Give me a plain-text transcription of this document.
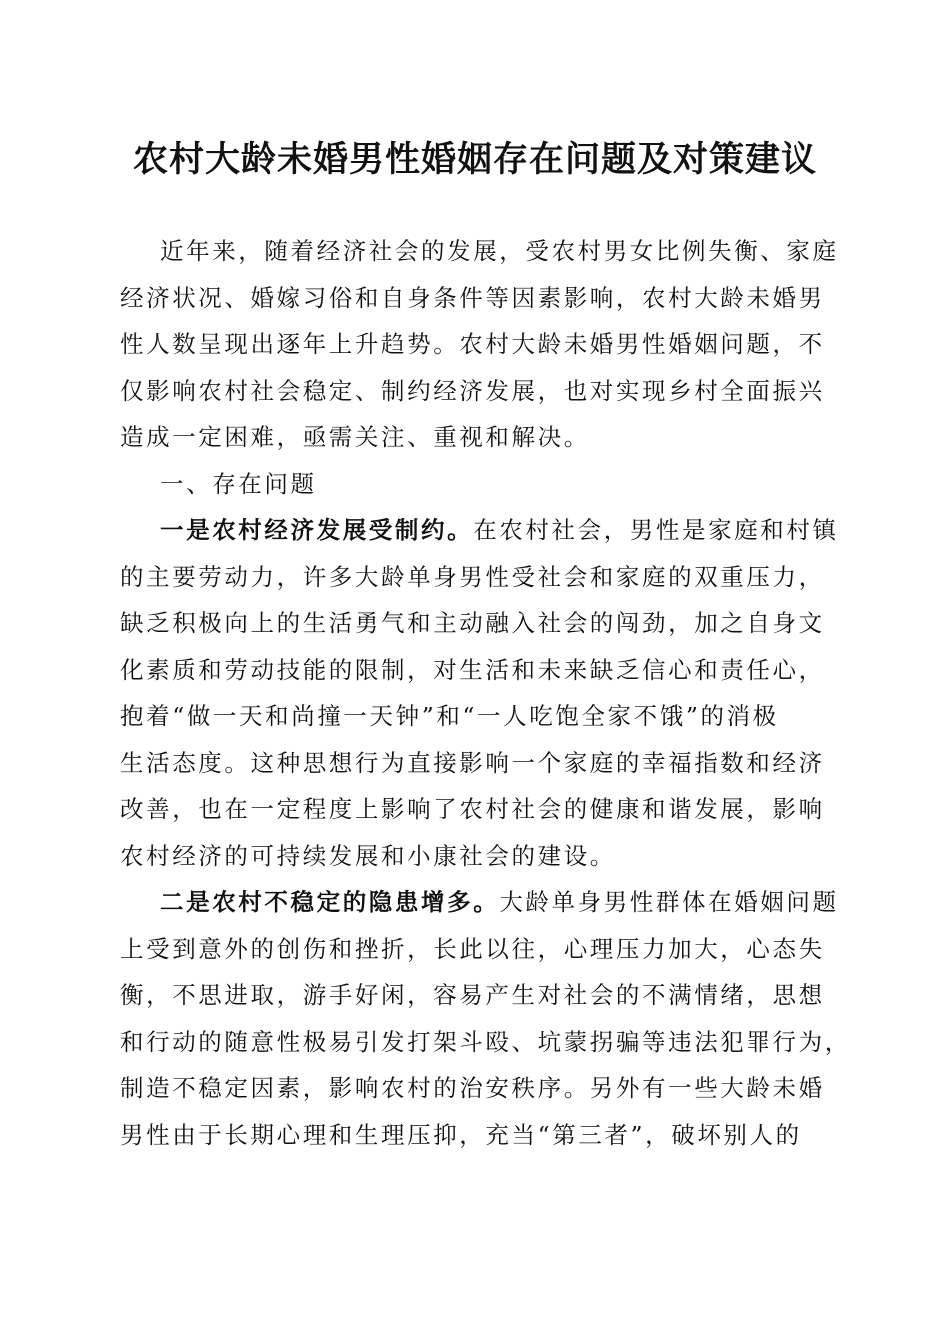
农村大龄未婚男性婚姻存在问题及对策建议
近年来，随着经济社会的发展，受农村男女比例失衡、家庭
经济状况、婚嫁习俗和自身条件等因素影响，农村大龄未婚男
性人数呈现出逐年上升趋势。农村大龄未婚男性婚姻问题，不
仅影响农村社会稳定、制约经济发展，也对实现乡村全面振兴
造成一定困难，亟需关注、重视和解决。
一、存在问题
一是农村经济发展受制约。在农村社会，男性是家庭和村镇
的主要劳动力，许多大龄单身男性受社会和家庭的双重压力，
缺乏积极向上的生活勇气和主动融入社会的闯劲，加之自身文
化素质和劳动技能的限制，对生活和未来缺乏信心和责任心，
抱着“做一天和尚撞一天钟”和“一人吃饱全家不饿”的消极
生活态度。这种思想行为直接影响一个家庭的幸福指数和经济
改善，也在一定程度上影响了农村社会的健康和谐发展，影响
农村经济的可持续发展和小康社会的建设。
二是农村不稳定的隐患增多。大龄单身男性群体在婚姻问题
上受到意外的创伤和挫折，长此以往，心理压力加大，心态失
衡，不思进取，游手好闲，容易产生对社会的不满情绪，思想
和行动的随意性极易引发打架斗殴、坑蒙拐骗等违法犯罪行为，
制造不稳定因素，影响农村的治安秩序。另外有一些大龄未婚
男性由于长期心理和生理压抑，充当“第三者”，破坏别人的
